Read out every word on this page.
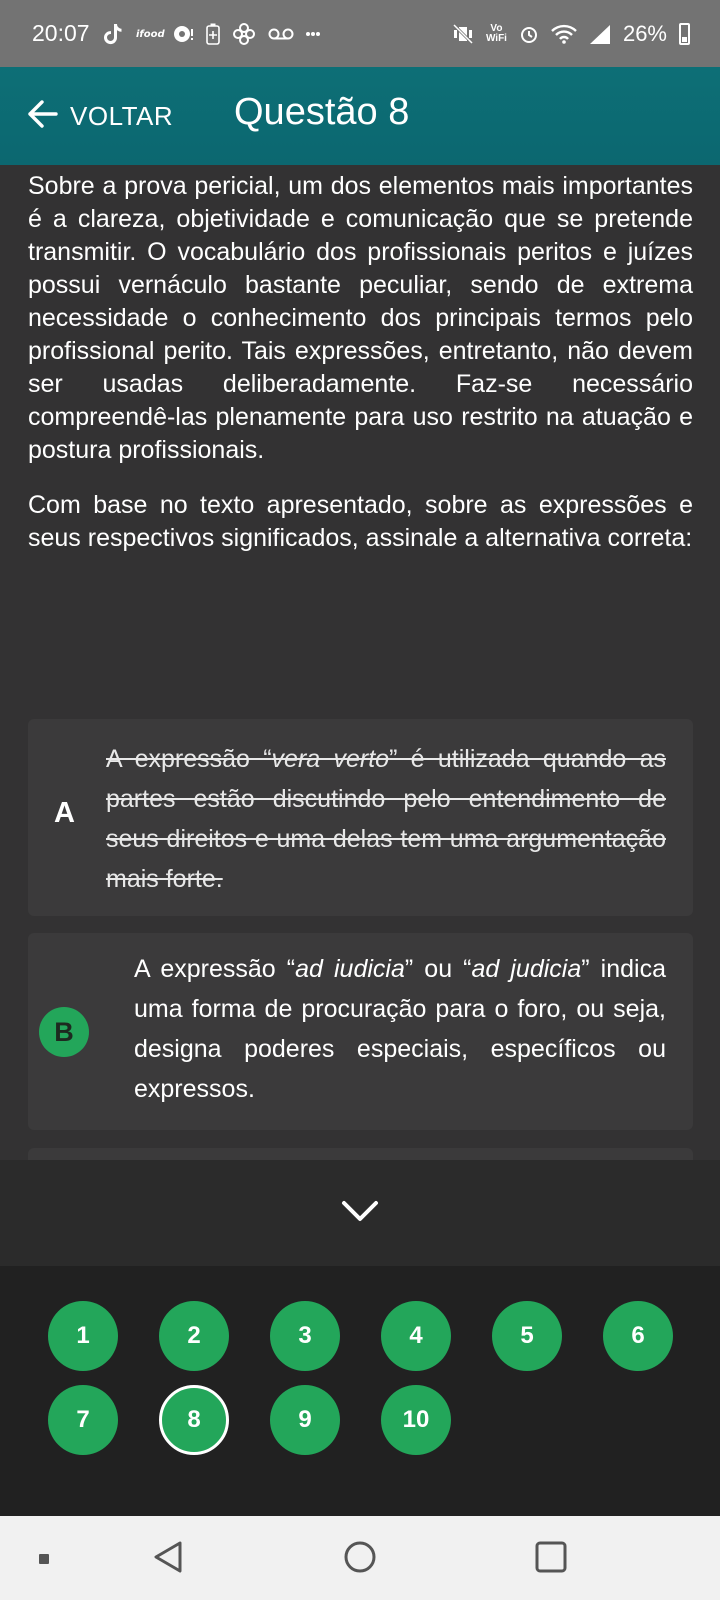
20:07	ifood
Vo
WiFi	26%
VOLTAR Questão 8

Sobre a prova pericial, um dos elementos mais importantes é a clareza, objetividade e comunicação que se pretende transmitir. O vocabulário dos profissionais peritos e juízes possui vernáculo bastante peculiar, sendo de extrema necessidade o conhecimento dos principais termos pelo profissional perito. Tais expressões, entretanto, não devem ser usadas deliberadamente. Faz-se necessário compreendê-las plenamente para uso restrito na atuação e postura profissionais.

Com base no texto apresentado, sobre as expressões e seus respectivos significados, assinale a alternativa correta:

A

A expressão “vera verto” é utilizada quando as partes estão discutindo pelo entendimento de seus direitos e uma delas tem uma argumentação mais forte.

B

A expressão “ad iudicia” ou “ad judicia” indica uma forma de procuração para o foro, ou seja, designa poderes especiais, específicos ou expressos.

1	2	3	4	5	6
7	8	9	10
